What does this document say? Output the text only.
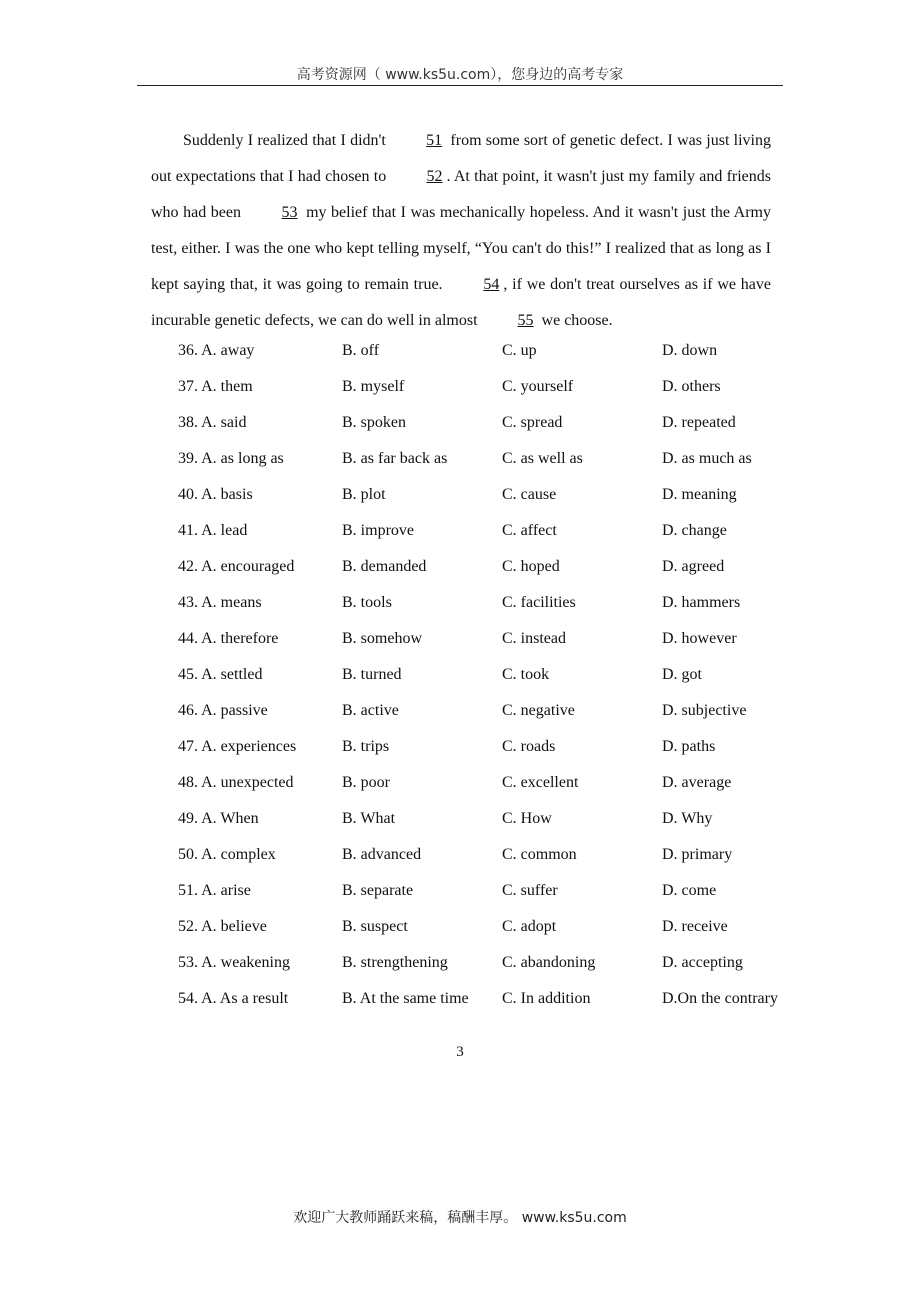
高考资源网（ www.ks5u.com），您身边的高考专家

Suddenly I realized that I didn't 51 from some sort of genetic defect. I was just living out expectations that I had chosen to 52 . At that point, it wasn't just my family and friends who had been 53 my belief that I was mechanically hopeless. And it wasn't just the Army test, either. I was the one who kept telling myself, “You can't do this!” I realized that as long as I kept saying that, it was going to remain true. 54 , if we don't treat ourselves as if we have incurable genetic defects, we can do well in almost 55 we choose.

36. A. away	B. off	C. up	D. down
37. A. them	B. myself	C. yourself	D. others
38. A. said	B. spoken	C. spread	D. repeated
39. A. as long as	B. as far back as	C. as well as	D. as much as
40. A. basis	B. plot	C. cause	D. meaning
41. A. lead	B. improve	C. affect	D. change
42. A. encouraged	B. demanded	C. hoped	D. agreed
43. A. means	B. tools	C. facilities	D. hammers
44. A. therefore	B. somehow	C. instead	D. however
45. A. settled	B. turned	C. took	D. got
46. A. passive	B. active	C. negative	D. subjective
47. A. experiences	B. trips	C. roads	D. paths
48. A. unexpected	B. poor	C. excellent	D. average
49. A. When	B. What	C. How	D. Why
50. A. complex	B. advanced	C. common	D. primary
51. A. arise	B. separate	C. suffer	D. come
52. A. believe	B. suspect	C. adopt	D. receive
53. A. weakening	B. strengthening	C. abandoning	D. accepting
54. A. As a result	B. At the same time C. In addition	D.On the contrary
3
欢迎广大教师踊跃来稿，稿酬丰厚。 www.ks5u.com
